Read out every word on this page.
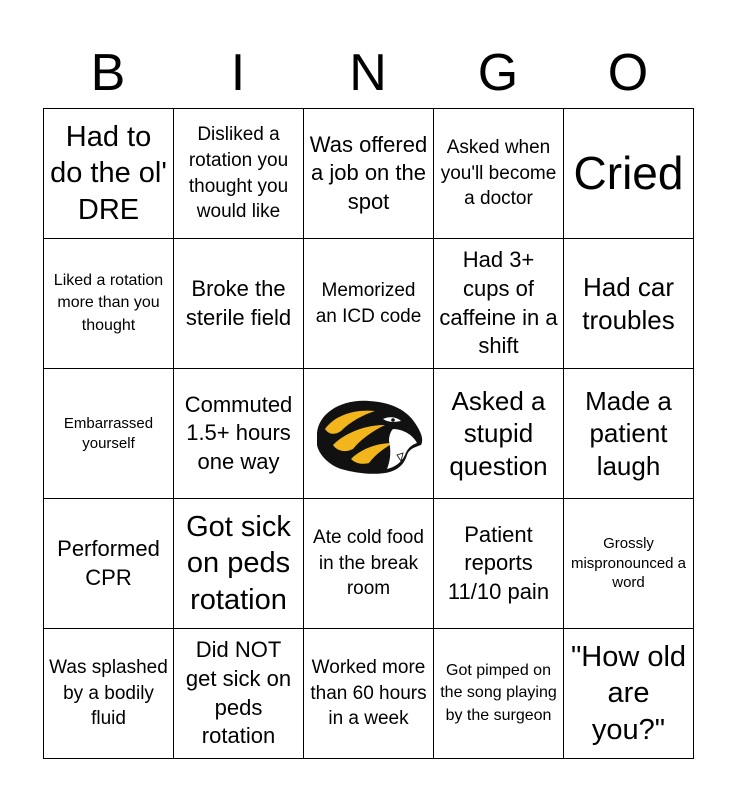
B	I	N	G	O
Had to do the ol' DRE	Disliked a rotation you thought you would like	Was offered a job on the spot	Asked when you'll become a doctor	Cried
Liked a rotation more than you thought	Broke the sterile field	Memorized an ICD code	Had 3+ cups of caffeine in a shift	Had car troubles
Embarrassed yourself	Commuted 1.5+ hours one way		Asked a stupid question	Made a patient laugh
Performed CPR	Got sick on peds rotation	Ate cold food in the break room	Patient reports 11/10 pain	Grossly mispronounced a word
Was splashed by a bodily fluid	Did NOT get sick on peds rotation	Worked more than 60 hours in a week	Got pimped on the song playing by the surgeon	"How old are you?"
